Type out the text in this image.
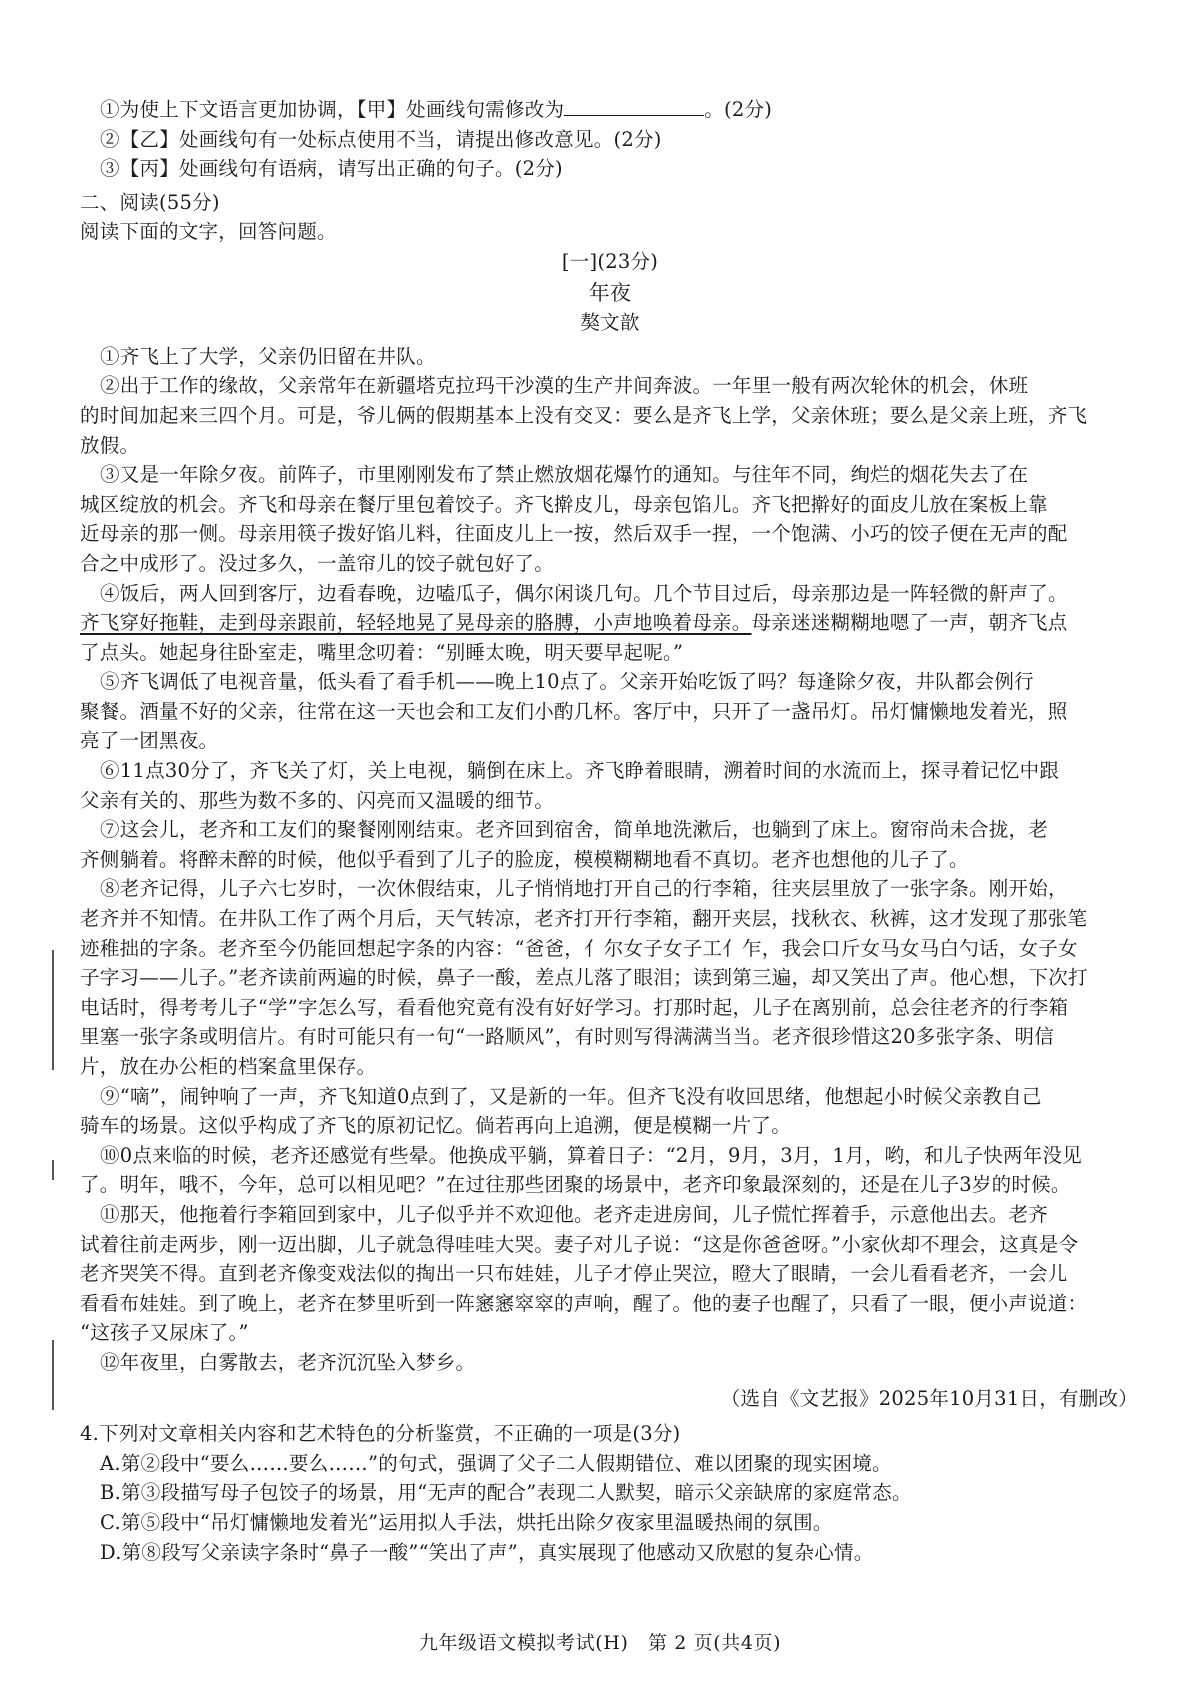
①为使上下文语言更加协调，【甲】处画线句需修改为	。(2分)
②【乙】处画线句有一处标点使用不当，请提出修改意见。(2分)
③【丙】处画线句有语病，请写出正确的句子。(2分)
二、阅读(55分)
阅读下面的文字，回答问题。
[一](23分)
年夜
獒文歆
①齐飞上了大学，父亲仍旧留在井队。
②出于工作的缘故，父亲常年在新疆塔克拉玛干沙漠的生产井间奔波。一年里一般有两次轮休的机会，休班
的时间加起来三四个月。可是，爷儿俩的假期基本上没有交叉：要么是齐飞上学，父亲休班；要么是父亲上班，齐飞
放假。
③又是一年除夕夜。前阵子，市里刚刚发布了禁止燃放烟花爆竹的通知。与往年不同，绚烂的烟花失去了在
城区绽放的机会。齐飞和母亲在餐厅里包着饺子。齐飞擀皮儿，母亲包馅儿。齐飞把擀好的面皮儿放在案板上靠
近母亲的那一侧。母亲用筷子拨好馅儿料，往面皮儿上一按，然后双手一捏，一个饱满、小巧的饺子便在无声的配
合之中成形了。没过多久，一盖帘儿的饺子就包好了。
④饭后，两人回到客厅，边看春晚，边嗑瓜子，偶尔闲谈几句。几个节目过后，母亲那边是一阵轻微的鼾声了。
齐飞穿好拖鞋，走到母亲跟前，轻轻地晃了晃母亲的胳膊，小声地唤着母亲。母亲迷迷糊糊地嗯了一声，朝齐飞点
了点头。她起身往卧室走，嘴里念叨着：“别睡太晚，明天要早起呢。”
⑤齐飞调低了电视音量，低头看了看手机——晚上10点了。父亲开始吃饭了吗？每逢除夕夜，井队都会例行
聚餐。酒量不好的父亲，往常在这一天也会和工友们小酌几杯。客厅中，只开了一盏吊灯。吊灯慵懒地发着光，照
亮了一团黑夜。
⑥11点30分了，齐飞关了灯，关上电视，躺倒在床上。齐飞睁着眼睛，溯着时间的水流而上，探寻着记忆中跟
父亲有关的、那些为数不多的、闪亮而又温暖的细节。
⑦这会儿，老齐和工友们的聚餐刚刚结束。老齐回到宿舍，简单地洗漱后，也躺到了床上。窗帘尚未合拢，老
齐侧躺着。将醉未醉的时候，他似乎看到了儿子的脸庞，模模糊糊地看不真切。老齐也想他的儿子了。
⑧老齐记得，儿子六七岁时，一次休假结束，儿子悄悄地打开自己的行李箱，往夹层里放了一张字条。刚开始，
老齐并不知情。在井队工作了两个月后，天气转凉，老齐打开行李箱，翻开夹层，找秋衣、秋裤，这才发现了那张笔
迹稚拙的字条。老齐至今仍能回想起字条的内容：“爸爸，亻尔女子女子工亻乍，我会口斤女马女马白勺话，女子女
子字习——儿子。”老齐读前两遍的时候，鼻子一酸，差点儿落了眼泪；读到第三遍，却又笑出了声。他心想，下次打
电话时，得考考儿子“学”字怎么写，看看他究竟有没有好好学习。打那时起，儿子在离别前，总会往老齐的行李箱
里塞一张字条或明信片。有时可能只有一句“一路顺风”，有时则写得满满当当。老齐很珍惜这20多张字条、明信
片，放在办公柜的档案盒里保存。
⑨“嘀”，闹钟响了一声，齐飞知道0点到了，又是新的一年。但齐飞没有收回思绪，他想起小时候父亲教自己
骑车的场景。这似乎构成了齐飞的原初记忆。倘若再向上追溯，便是模糊一片了。
⑩0点来临的时候，老齐还感觉有些晕。他换成平躺，算着日子：“2月，9月，3月，1月，哟，和儿子快两年没见
了。明年，哦不，今年，总可以相见吧？”在过往那些团聚的场景中，老齐印象最深刻的，还是在儿子3岁的时候。
⑪那天，他拖着行李箱回到家中，儿子似乎并不欢迎他。老齐走进房间，儿子慌忙挥着手，示意他出去。老齐
试着往前走两步，刚一迈出脚，儿子就急得哇哇大哭。妻子对儿子说：“这是你爸爸呀。”小家伙却不理会，这真是令
老齐哭笑不得。直到老齐像变戏法似的掏出一只布娃娃，儿子才停止哭泣，瞪大了眼睛，一会儿看看老齐，一会儿
看看布娃娃。到了晚上，老齐在梦里听到一阵窸窸窣窣的声响，醒了。他的妻子也醒了，只看了一眼，便小声说道：
“这孩子又尿床了。”
⑫年夜里，白雾散去，老齐沉沉坠入梦乡。
（选自《文艺报》2025年10月31日，有删改）
4.下列对文章相关内容和艺术特色的分析鉴赏，不正确的一项是(3分)
A.第②段中“要么……要么……”的句式，强调了父子二人假期错位、难以团聚的现实困境。
B.第③段描写母子包饺子的场景，用“无声的配合”表现二人默契，暗示父亲缺席的家庭常态。
C.第⑤段中“吊灯慵懒地发着光”运用拟人手法，烘托出除夕夜家里温暖热闹的氛围。
D.第⑧段写父亲读字条时“鼻子一酸”“笑出了声”，真实展现了他感动又欣慰的复杂心情。
九年级语文模拟考试(H)　第 2 页(共4页)
